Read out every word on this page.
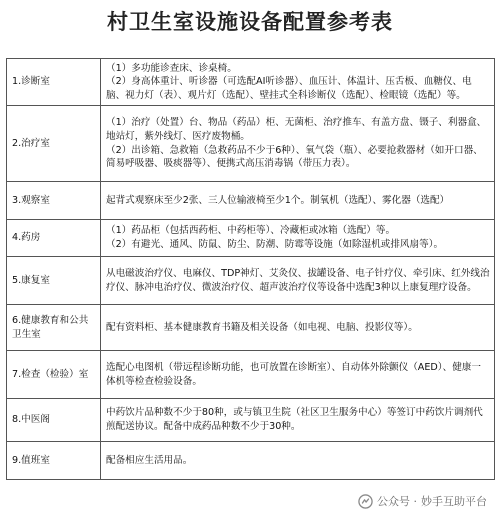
村卫生室设施设备配置参考表
1.诊断室	（1）多功能诊查床、诊桌椅。
（2）身高体重计、听诊器（可选配AI听诊器）、血压计、体温计、压舌板、血糖仪、电脑、视力灯（表）、观片灯（选配）、壁挂式全科诊断仪（选配）、检眼镜（选配）等。

2.治疗室	（1）治疗（处置）台、物品（药品）柜、无菌柜、治疗推车、有盖方盘、镊子、利器盒、地站灯，紫外线灯、医疗废物桶。
（2）出诊箱、急救箱（急救药品不少于6种）、氧气袋（瓶）、必要抢救器材（如开口器、简易呼吸器、吸痰器等）、便携式高压消毒锅（带压力表）。

3.观察室	起背式观察床至少2张、三人位输液椅至少1个。制氧机（选配）、雾化器（选配）

4.药房	（1）药品柜（包括西药柜、中药柜等）、冷藏柜或冰箱（选配）等。
（2）有避光、通风、防鼠、防尘、防潮、防霉等设施（如除湿机或排风扇等）。

5.康复室	从电磁波治疗仪、电麻仪、TDP神灯、艾灸仪、拔罐设备、电子针疗仪、牵引床、红外线治疗仪、脉冲电治疗仪、微波治疗仪、超声波治疗仪等设备中选配3种以上康复理疗设备。

6.健康教育和公共卫生室	配有资料柜、基本健康教育书籍及相关设备（如电视、电脑、投影仪等）。

7.检查（检验）室	选配心电图机（带远程诊断功能，也可放置在诊断室）、自动体外除颤仪（AED）、健康一体机等检查检验设备。

8.中医阁	中药饮片品种数不少于80种，或与镇卫生院（社区卫生服务中心）等签订中药饮片调剂代煎配送协议。配备中成药品种数不少于30种。

9.值班室	配备相应生活用品。
公众号 · 妙手互助平台
